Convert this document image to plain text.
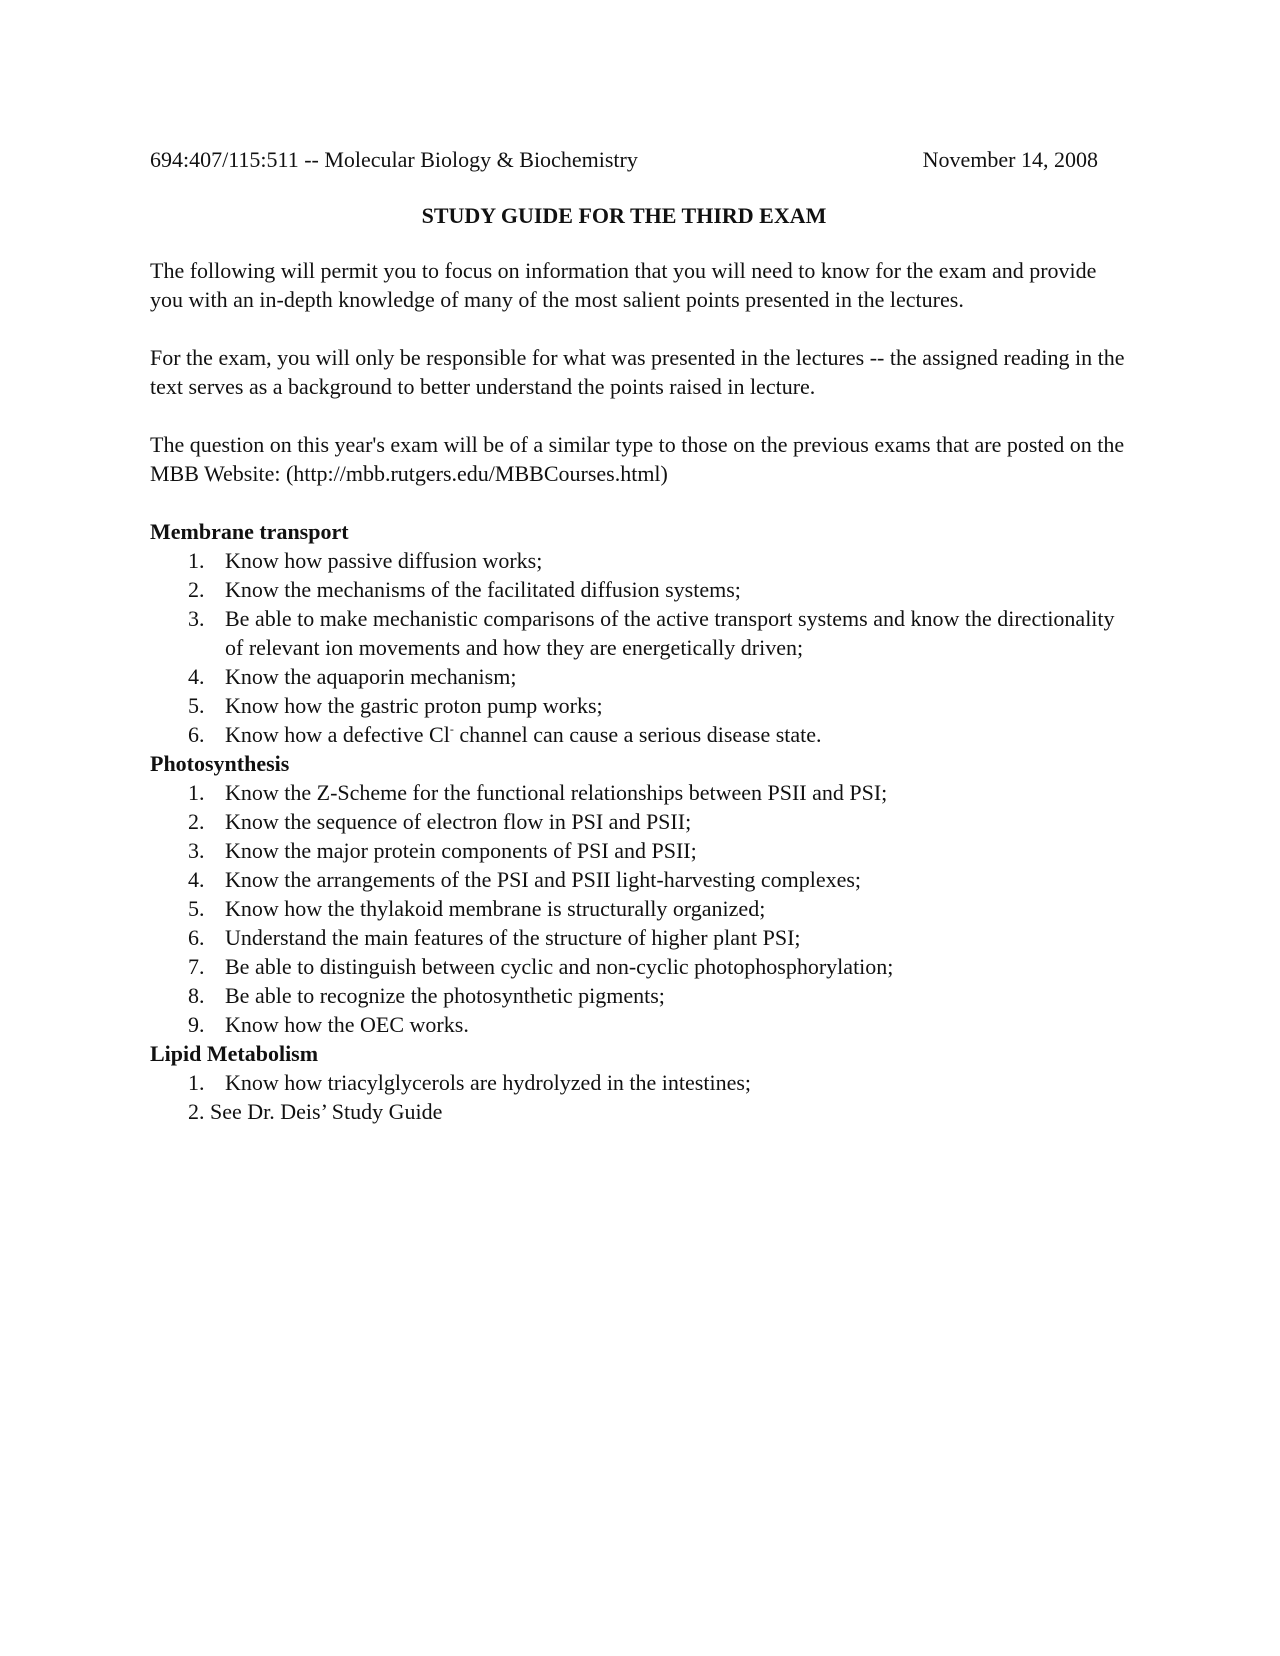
694:407/115:511 -- Molecular Biology & Biochemistry	November 14, 2008
STUDY GUIDE FOR THE THIRD EXAM

The following will permit you to focus on information that you will need to know for the exam and provide you with an in-depth knowledge of many of the most salient points presented in the lectures.

For the exam, you will only be responsible for what was presented in the lectures -- the assigned reading in the text serves as a background to better understand the points raised in lecture.

The question on this year's exam will be of a similar type to those on the previous exams that are posted on the MBB Website: (http://mbb.rutgers.edu/MBBCourses.html)

Membrane transport
1. Know how passive diffusion works;
2. Know the mechanisms of the facilitated diffusion systems;
3. Be able to make mechanistic comparisons of the active transport systems and know the directionality of relevant ion movements and how they are energetically driven;
4. Know the aquaporin mechanism;
5. Know how the gastric proton pump works;
6. Know how a defective Cl- channel can cause a serious disease state.
Photosynthesis
1. Know the Z-Scheme for the functional relationships between PSII and PSI;
2. Know the sequence of electron flow in PSI and PSII;
3. Know the major protein components of PSI and PSII;
4. Know the arrangements of the PSI and PSII light-harvesting complexes;
5. Know how the thylakoid membrane is structurally organized;
6. Understand the main features of the structure of higher plant PSI;
7. Be able to distinguish between cyclic and non-cyclic photophosphorylation;
8. Be able to recognize the photosynthetic pigments;
9. Know how the OEC works.
Lipid Metabolism
1. Know how triacylglycerols are hydrolyzed in the intestines;
2. See Dr. Deis’ Study Guide
